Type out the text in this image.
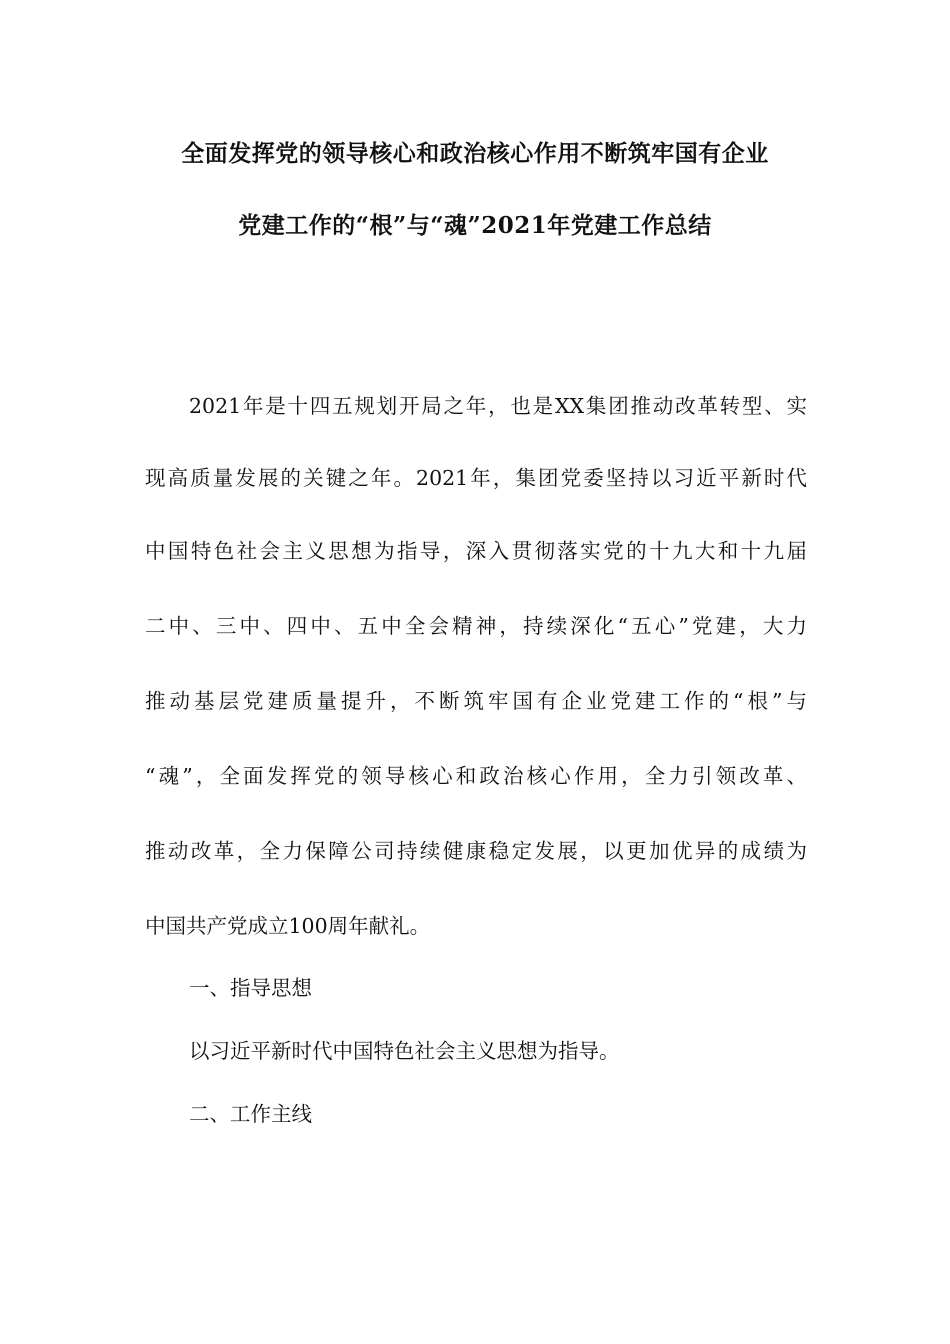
全面发挥党的领导核心和政治核心作用不断筑牢国有企业
党建工作的“根”与“魂”2021年党建工作总结
2021年是十四五规划开局之年，也是XX集团推动改革转型、实
现高质量发展的关键之年。2021年，集团党委坚持以习近平新时代
中国特色社会主义思想为指导，深入贯彻落实党的十九大和十九届
二中、三中、四中、五中全会精神，持续深化“五心”党建，大力
推动基层党建质量提升，不断筑牢国有企业党建工作的“根”与
“魂”，全面发挥党的领导核心和政治核心作用，全力引领改革、
推动改革，全力保障公司持续健康稳定发展，以更加优异的成绩为
中国共产党成立100周年献礼。
一、指导思想
以习近平新时代中国特色社会主义思想为指导。
二、工作主线
